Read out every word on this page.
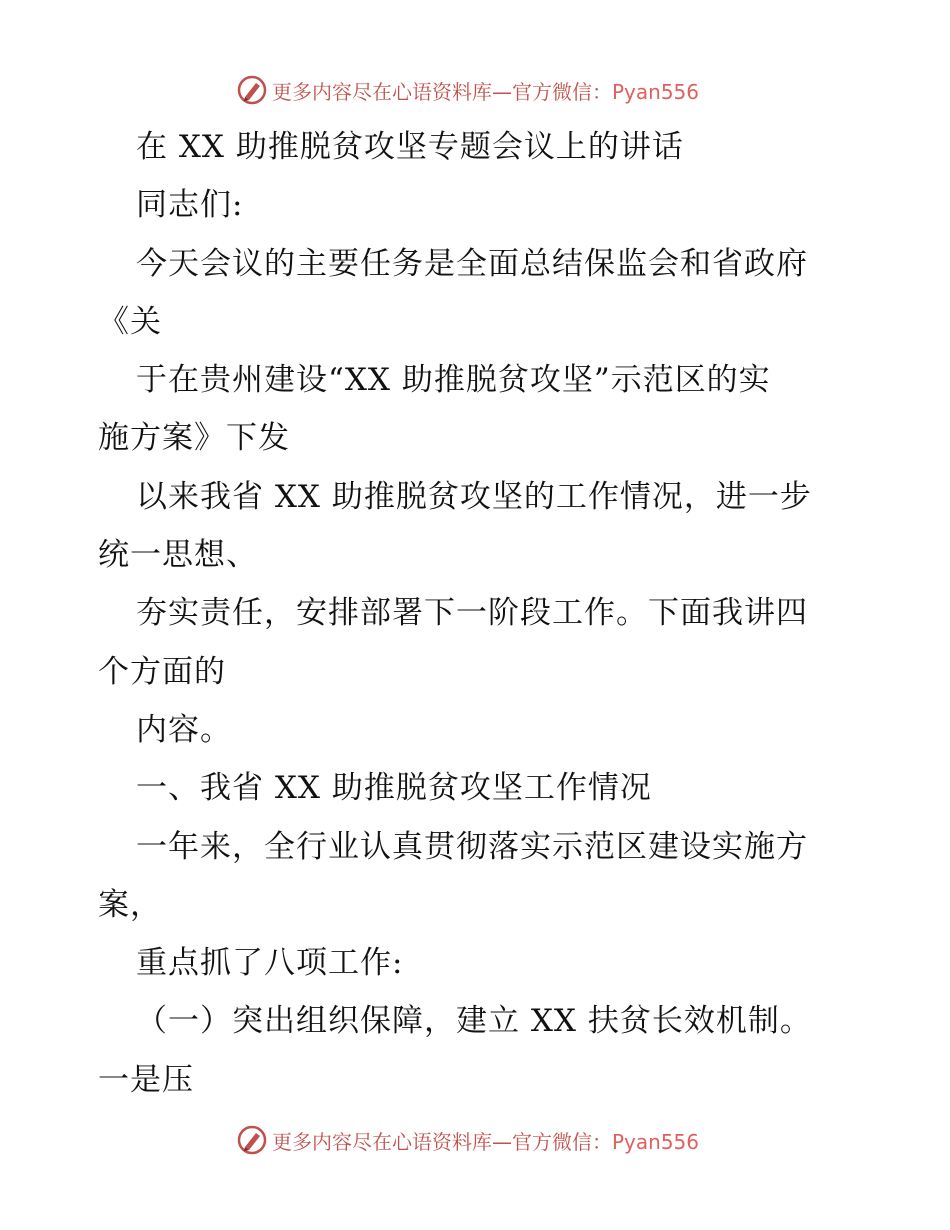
更多内容尽在心语资料库—官方微信：Pyan556
在 XX 助推脱贫攻坚专题会议上的讲话
同志们:
今天会议的主要任务是全面总结保监会和省政府
《关
于在贵州建设“XX 助推脱贫攻坚”示范区的实
施方案》下发
以来我省 XX 助推脱贫攻坚的工作情况，进一步
统一思想、
夯实责任，安排部署下一阶段工作。下面我讲四
个方面的
内容。
一、我省 XX 助推脱贫攻坚工作情况
一年来，全行业认真贯彻落实示范区建设实施方
案，
重点抓了八项工作:
（一）突出组织保障，建立 XX 扶贫长效机制。
一是压
更多内容尽在心语资料库—官方微信：Pyan556
